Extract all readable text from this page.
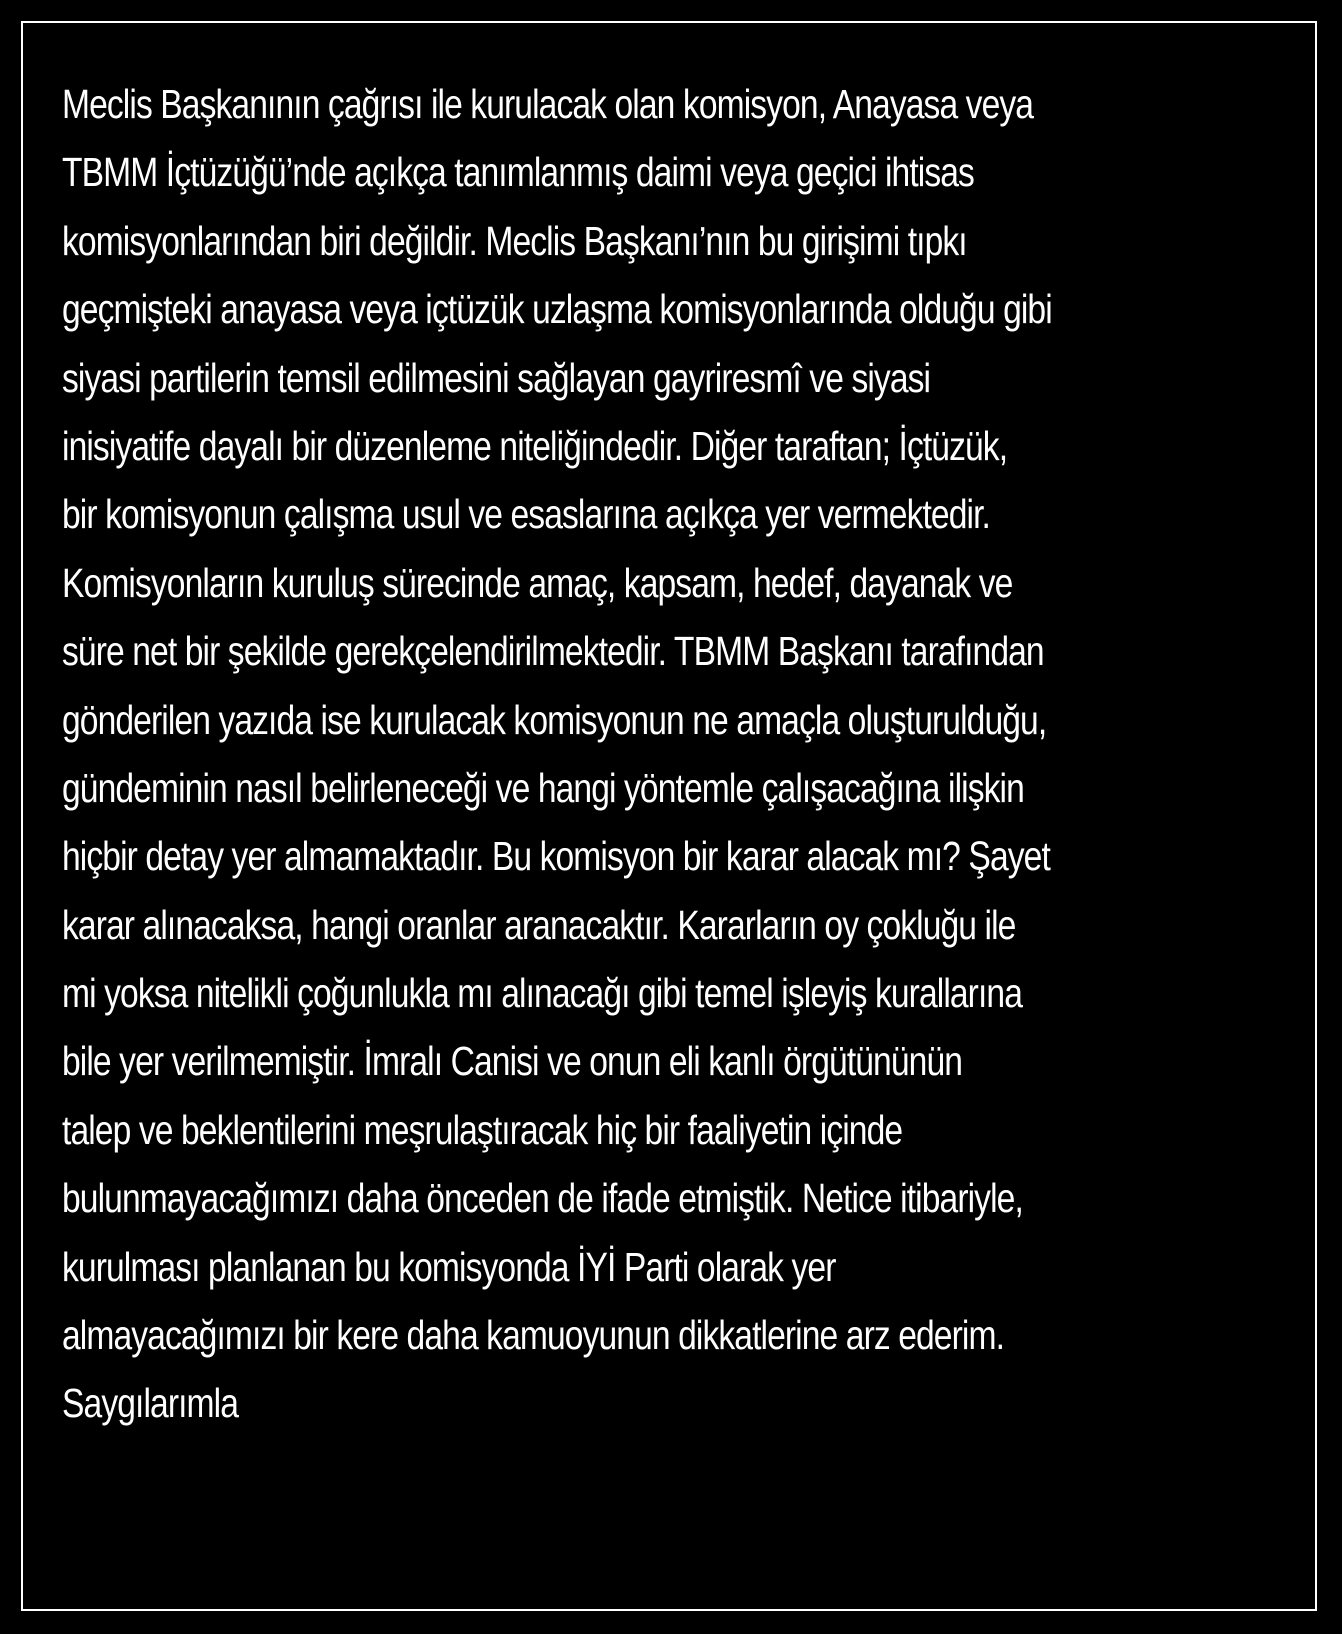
Meclis Başkanının çağrısı ile kurulacak olan komisyon, Anayasa veya
TBMM İçtüzüğü’nde açıkça tanımlanmış daimi veya geçici ihtisas
komisyonlarından biri değildir. Meclis Başkanı’nın bu girişimi tıpkı
geçmişteki anayasa veya içtüzük uzlaşma komisyonlarında olduğu gibi
siyasi partilerin temsil edilmesini sağlayan gayriresmî ve siyasi
inisiyatife dayalı bir düzenleme niteliğindedir. Diğer taraftan; İçtüzük,
bir komisyonun çalışma usul ve esaslarına açıkça yer vermektedir.
Komisyonların kuruluş sürecinde amaç, kapsam, hedef, dayanak ve
süre net bir şekilde gerekçelendirilmektedir. TBMM Başkanı tarafından
gönderilen yazıda ise kurulacak komisyonun ne amaçla oluşturulduğu,
gündeminin nasıl belirleneceği ve hangi yöntemle çalışacağına ilişkin
hiçbir detay yer almamaktadır. Bu komisyon bir karar alacak mı? Şayet
karar alınacaksa, hangi oranlar aranacaktır. Kararların oy çokluğu ile
mi yoksa nitelikli çoğunlukla mı alınacağı gibi temel işleyiş kurallarına
bile yer verilmemiştir. İmralı Canisi ve onun eli kanlı örgütününün
talep ve beklentilerini meşrulaştıracak hiç bir faaliyetin içinde
bulunmayacağımızı daha önceden de ifade etmiştik. Netice itibariyle,
kurulması planlanan bu komisyonda İYİ Parti olarak yer
almayacağımızı bir kere daha kamuoyunun dikkatlerine arz ederim.
Saygılarımla
